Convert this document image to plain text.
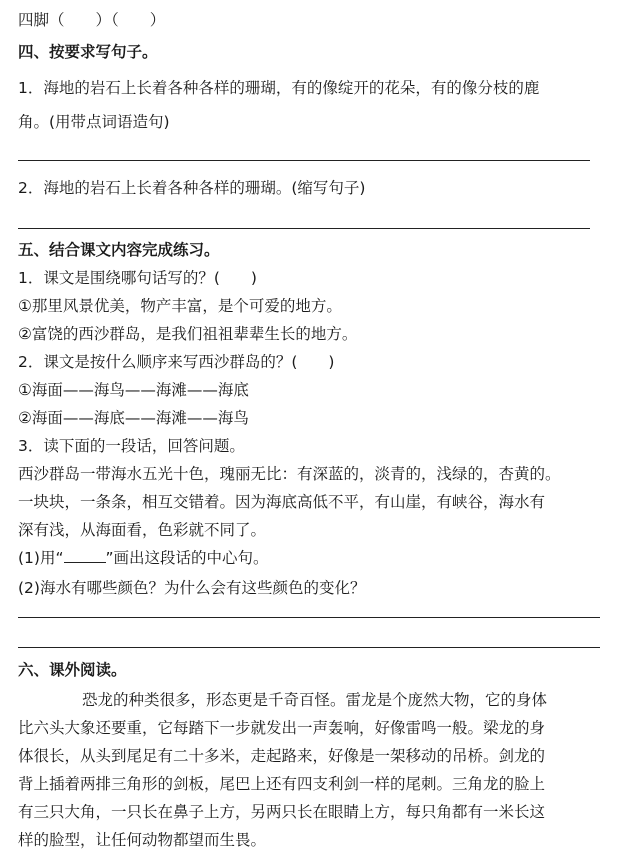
四脚（　　）（　　）
四、按要求写句子。
1．海地的岩石上长着各种各样的珊瑚，有的像绽开的花朵，有的像分枝的鹿
角。(用带点词语造句)
2．海地的岩石上长着各种各样的珊瑚。(缩写句子)
五、结合课文内容完成练习。
1．课文是围绕哪句话写的？(　　)
①那里风景优美，物产丰富，是个可爱的地方。
②富饶的西沙群岛，是我们祖祖辈辈生长的地方。
2．课文是按什么顺序来写西沙群岛的？(　　)
①海面——海鸟——海滩——海底
②海面——海底——海滩——海鸟
3．读下面的一段话，回答问题。
西沙群岛一带海水五光十色，瑰丽无比：有深蓝的，淡青的，浅绿的，杏黄的。
一块块，一条条，相互交错着。因为海底高低不平，有山崖，有峡谷，海水有
深有浅，从海面看，色彩就不同了。
(1)用“	”画出这段话的中心句。
(2)海水有哪些颜色？为什么会有这些颜色的变化？
六、课外阅读。
恐龙的种类很多，形态更是千奇百怪。雷龙是个庞然大物，它的身体
比六头大象还要重，它每踏下一步就发出一声轰响，好像雷鸣一般。梁龙的身
体很长，从头到尾足有二十多米，走起路来，好像是一架移动的吊桥。剑龙的
背上插着两排三角形的剑板，尾巴上还有四支利剑一样的尾刺。三角龙的脸上
有三只大角，一只长在鼻子上方，另两只长在眼睛上方，每只角都有一米长这
样的脸型，让任何动物都望而生畏。
